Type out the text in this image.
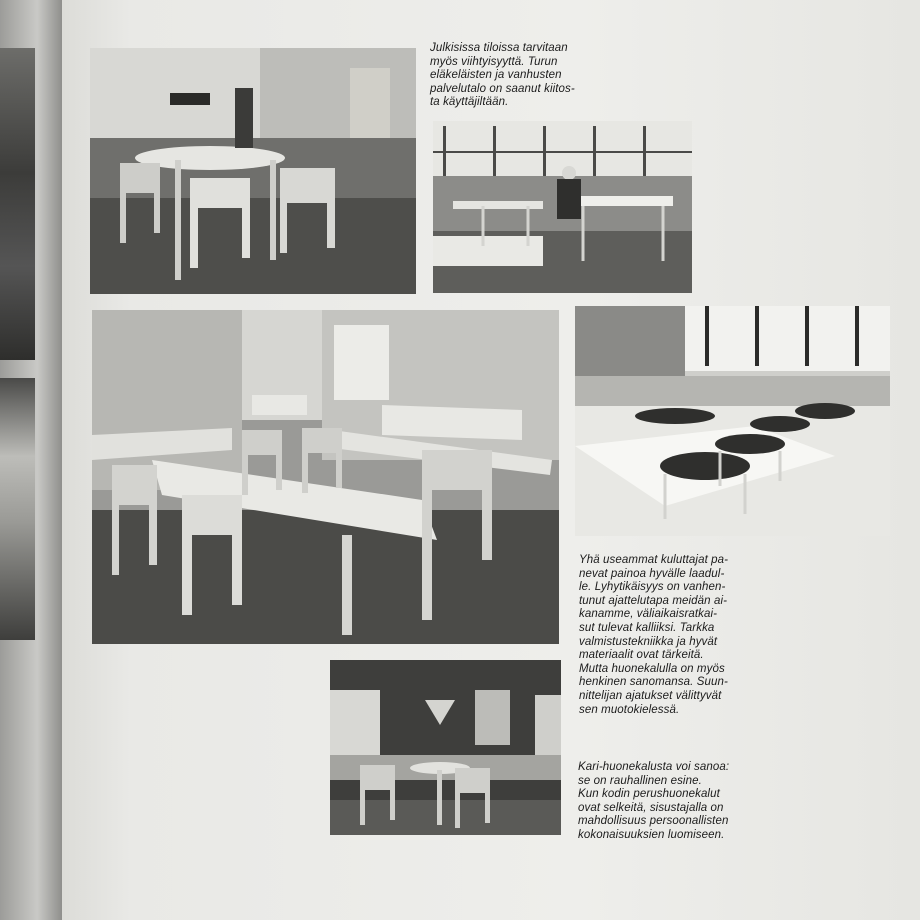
Julkisissa tiloissa tarvitaan
myös viihtyisyyttä. Turun
eläkeläisten ja vanhusten
palvelutalo on saanut kiitos-
ta käyttäjiltään.

Yhä useammat kuluttajat pa-
nevat painoa hyvälle laadul-
le. Lyhytikäisyys on vanhen-
tunut ajattelutapa meidän ai-
kanamme, väliaikaisratkai-
sut tulevat kalliiksi. Tarkka
valmistustekniikka ja hyvät
materiaalit ovat tärkeitä.
Mutta huonekalulla on myös
henkinen sanomansa. Suun-
nittelijan ajatukset välittyvät
sen muotokielessä.

Kari-huonekalusta voi sanoa:
se on rauhallinen esine.
Kun kodin perushuonekalut
ovat selkeitä, sisustajalla on
mahdollisuus persoonallisten
kokonaisuuksien luomiseen.
